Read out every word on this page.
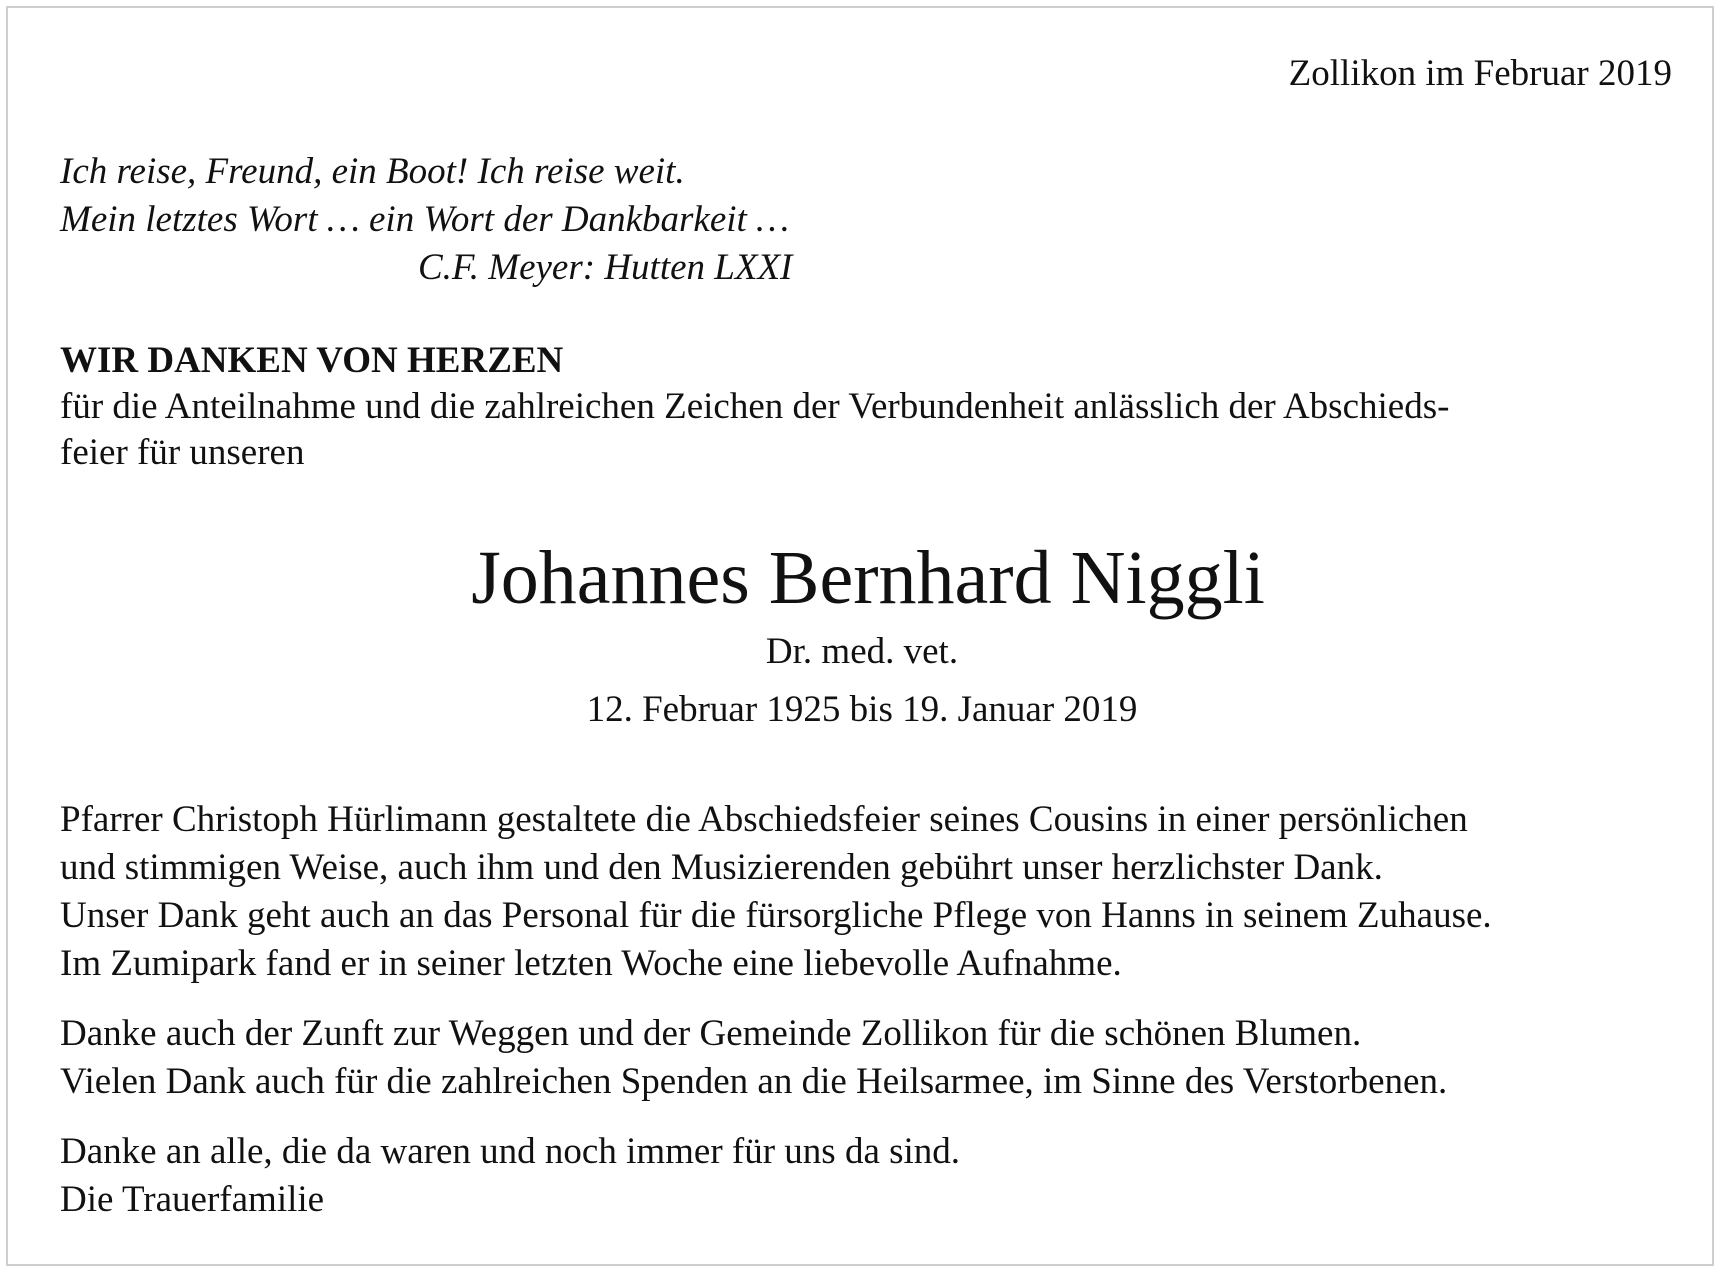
Zollikon im Februar 2019
Ich reise, Freund, ein Boot! Ich reise weit.
Mein letztes Wort … ein Wort der Dankbarkeit …
C.F. Meyer: Hutten LXXI
WIR DANKEN VON HERZEN
für die Anteilnahme und die zahlreichen Zeichen der Verbundenheit anlässlich der Abschieds-
feier für unseren
Johannes Bernhard Niggli
Dr. med. vet.
12. Februar 1925 bis 19. Januar 2019
Pfarrer Christoph Hürlimann gestaltete die Abschiedsfeier seines Cousins in einer persönlichen
und stimmigen Weise, auch ihm und den Musizierenden gebührt unser herzlichster Dank.
Unser Dank geht auch an das Personal für die fürsorgliche Pflege von Hanns in seinem Zuhause.
Im Zumipark fand er in seiner letzten Woche eine liebevolle Aufnahme.
Danke auch der Zunft zur Weggen und der Gemeinde Zollikon für die schönen Blumen.
Vielen Dank auch für die zahlreichen Spenden an die Heilsarmee, im Sinne des Verstorbenen.
Danke an alle, die da waren und noch immer für uns da sind.
Die Trauerfamilie
